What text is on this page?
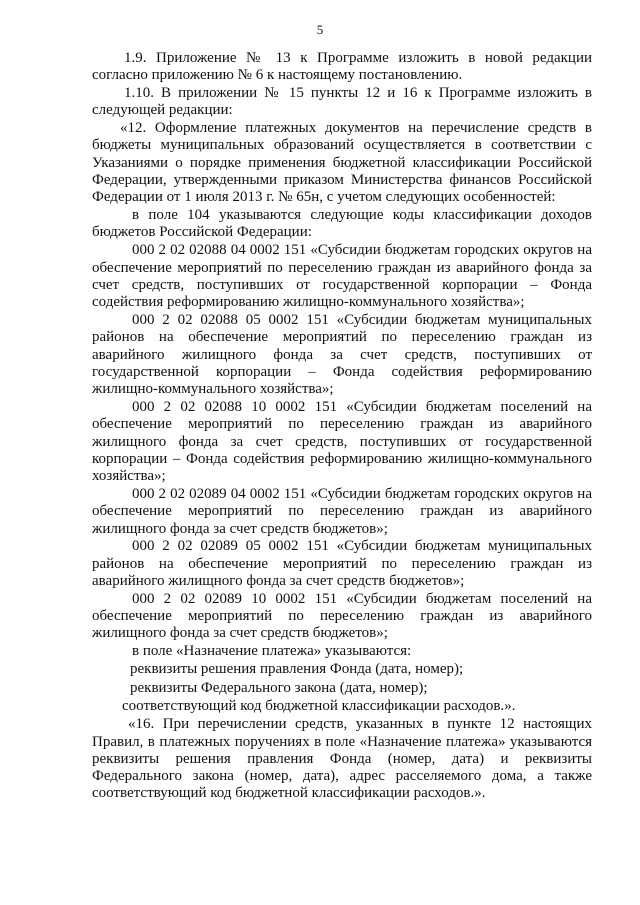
5

1.9. Приложение № 13 к Программе изложить в новой редакции согласно приложению № 6 к настоящему постановлению.

1.10. В приложении № 15 пункты 12 и 16 к Программе изложить в следующей редакции:

«12. Оформление платежных документов на перечисление средств в бюджеты муниципальных образований осуществляется в соответствии с Указаниями о порядке применения бюджетной классификации Российской Федерации, утвержденными приказом Министерства финансов Российской Федерации от 1 июля 2013 г. № 65н, с учетом следующих особенностей:

в поле 104 указываются следующие коды классификации доходов бюджетов Российской Федерации:

000 2 02 02088 04 0002 151 «Субсидии бюджетам городских округов на обеспечение мероприятий по переселению граждан из аварийного фонда за счет средств, поступивших от государственной корпорации – Фонда содействия реформированию жилищно-коммунального хозяйства»;

000 2 02 02088 05 0002 151 «Субсидии бюджетам муниципальных районов на обеспечение мероприятий по переселению граждан из аварийного жилищного фонда за счет средств, поступивших от государственной корпорации – Фонда содействия реформированию жилищно-коммунального хозяйства»;

000 2 02 02088 10 0002 151 «Субсидии бюджетам поселений на обеспечение мероприятий по переселению граждан из аварийного жилищного фонда за счет средств, поступивших от государственной корпорации – Фонда содействия реформированию жилищно-коммунального хозяйства»;

000 2 02 02089 04 0002 151 «Субсидии бюджетам городских округов на обеспечение мероприятий по переселению граждан из аварийного жилищного фонда за счет средств бюджетов»;

000 2 02 02089 05 0002 151 «Субсидии бюджетам муниципальных районов на обеспечение мероприятий по переселению граждан из аварийного жилищного фонда за счет средств бюджетов»;

000 2 02 02089 10 0002 151 «Субсидии бюджетам поселений на обеспечение мероприятий по переселению граждан из аварийного жилищного фонда за счет средств бюджетов»;

в поле «Назначение платежа» указываются:
реквизиты решения правления Фонда (дата, номер);
реквизиты Федерального закона (дата, номер);
соответствующий код бюджетной классификации расходов.».

«16. При перечислении средств, указанных в пункте 12 настоящих Правил, в платежных поручениях в поле «Назначение платежа» указываются реквизиты решения правления Фонда (номер, дата) и реквизиты Федерального закона (номер, дата), адрес расселяемого дома, а также соответствующий код бюджетной классификации расходов.».
